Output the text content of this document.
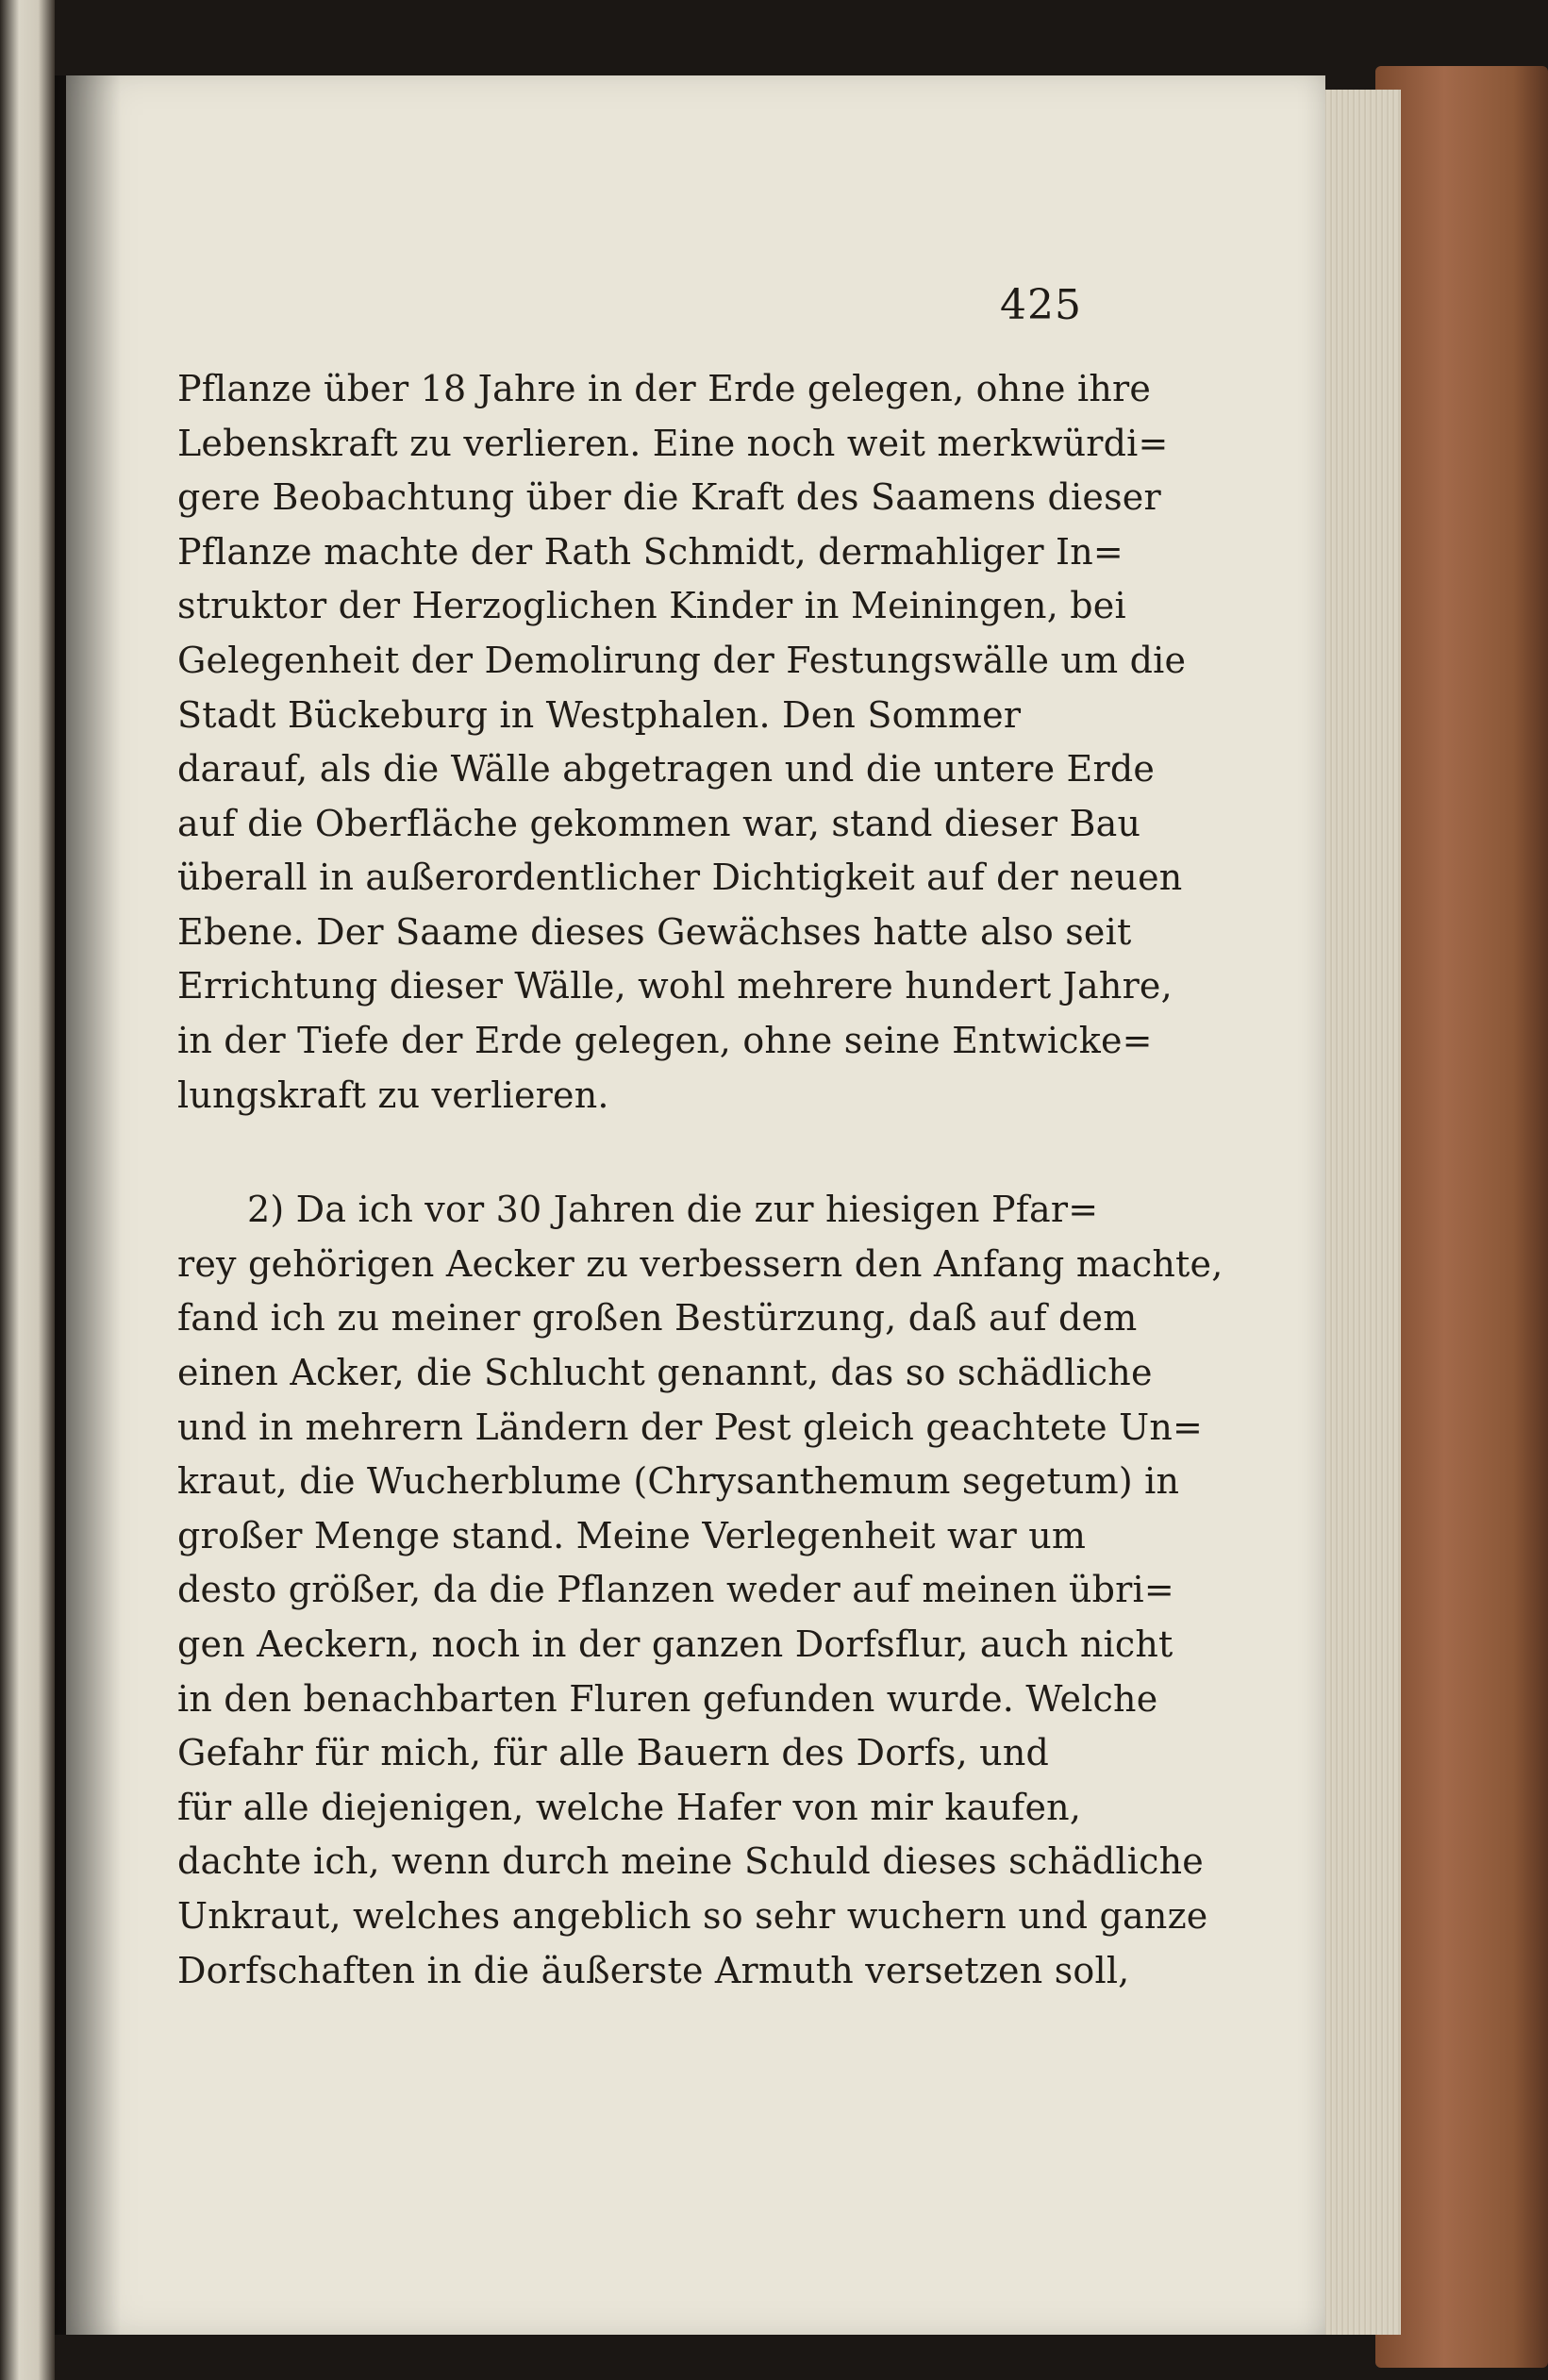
425
Pflanze über 18 Jahre in der Erde gelegen, ohne ihre
Lebenskraft zu verlieren. Eine noch weit merkwürdi=
gere Beobachtung über die Kraft des Saamens dieser
Pflanze machte der Rath Schmidt, dermahliger In=
struktor der Herzoglichen Kinder in Meiningen, bei
Gelegenheit der Demolirung der Festungswälle um die
Stadt Bückeburg in Westphalen. Den Sommer
darauf, als die Wälle abgetragen und die untere Erde
auf die Oberfläche gekommen war, stand dieser Bau
überall in außerordentlicher Dichtigkeit auf der neuen
Ebene. Der Saame dieses Gewächses hatte also seit
Errichtung dieser Wälle, wohl mehrere hundert Jahre,
in der Tiefe der Erde gelegen, ohne seine Entwicke=
lungskraft zu verlieren.
2) Da ich vor 30 Jahren die zur hiesigen Pfar=
rey gehörigen Aecker zu verbessern den Anfang machte,
fand ich zu meiner großen Bestürzung, daß auf dem
einen Acker, die Schlucht genannt, das so schädliche
und in mehrern Ländern der Pest gleich geachtete Un=
kraut, die Wucherblume (Chrysanthemum segetum) in
großer Menge stand. Meine Verlegenheit war um
desto größer, da die Pflanzen weder auf meinen übri=
gen Aeckern, noch in der ganzen Dorfsflur, auch nicht
in den benachbarten Fluren gefunden wurde. Welche
Gefahr für mich, für alle Bauern des Dorfs, und
für alle diejenigen, welche Hafer von mir kaufen,
dachte ich, wenn durch meine Schuld dieses schädliche
Unkraut, welches angeblich so sehr wuchern und ganze
Dorfschaften in die äußerste Armuth versetzen soll,
